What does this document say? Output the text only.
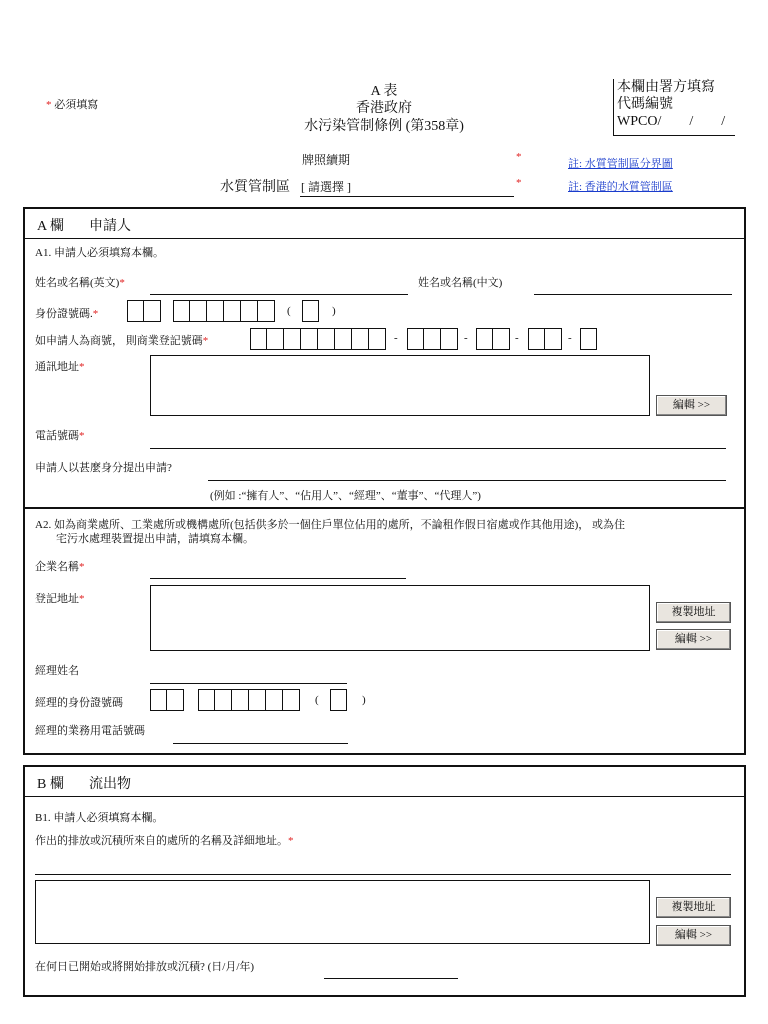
* 必須填寫
A 表
香港政府
水污染管制條例 (第358章)
本欄由署方填寫
代碼編號
WPCO/　　/　　/
牌照續期	*
註: 水質管制區分界圖
水質管制區 [ 請選擇 ]	*	註: 香港的水質管制區
A 欄 申請人
A1. 申請人必須填寫本欄。
姓名或名稱(英文)*	姓名或名稱(中文)
身份證號碼.*	(	)
如申請人為商號， 則商業登記號碼*	-	-	-	-
通訊地址*
編輯 >>
電話號碼*
申請人以甚麼身分提出申請?
(例如 :“擁有人”、“佔用人”、“經理”、“董事”、“代理人”)
A2. 如為商業處所、工業處所或機構處所(包括供多於一個住戶單位佔用的處所，不論租作假日宿處或作其他用途)， 或為住
宅污水處理裝置提出申請，請填寫本欄。
企業名稱*
登記地址*
複製地址
編輯 >>
經理姓名
經理的身份證號碼	(	)
經理的業務用電話號碼
B 欄 流出物
B1. 申請人必須填寫本欄。
作出的排放或沉積所來自的處所的名稱及詳細地址。*
複製地址
編輯 >>
在何日已開始或將開始排放或沉積? (日/月/年)
